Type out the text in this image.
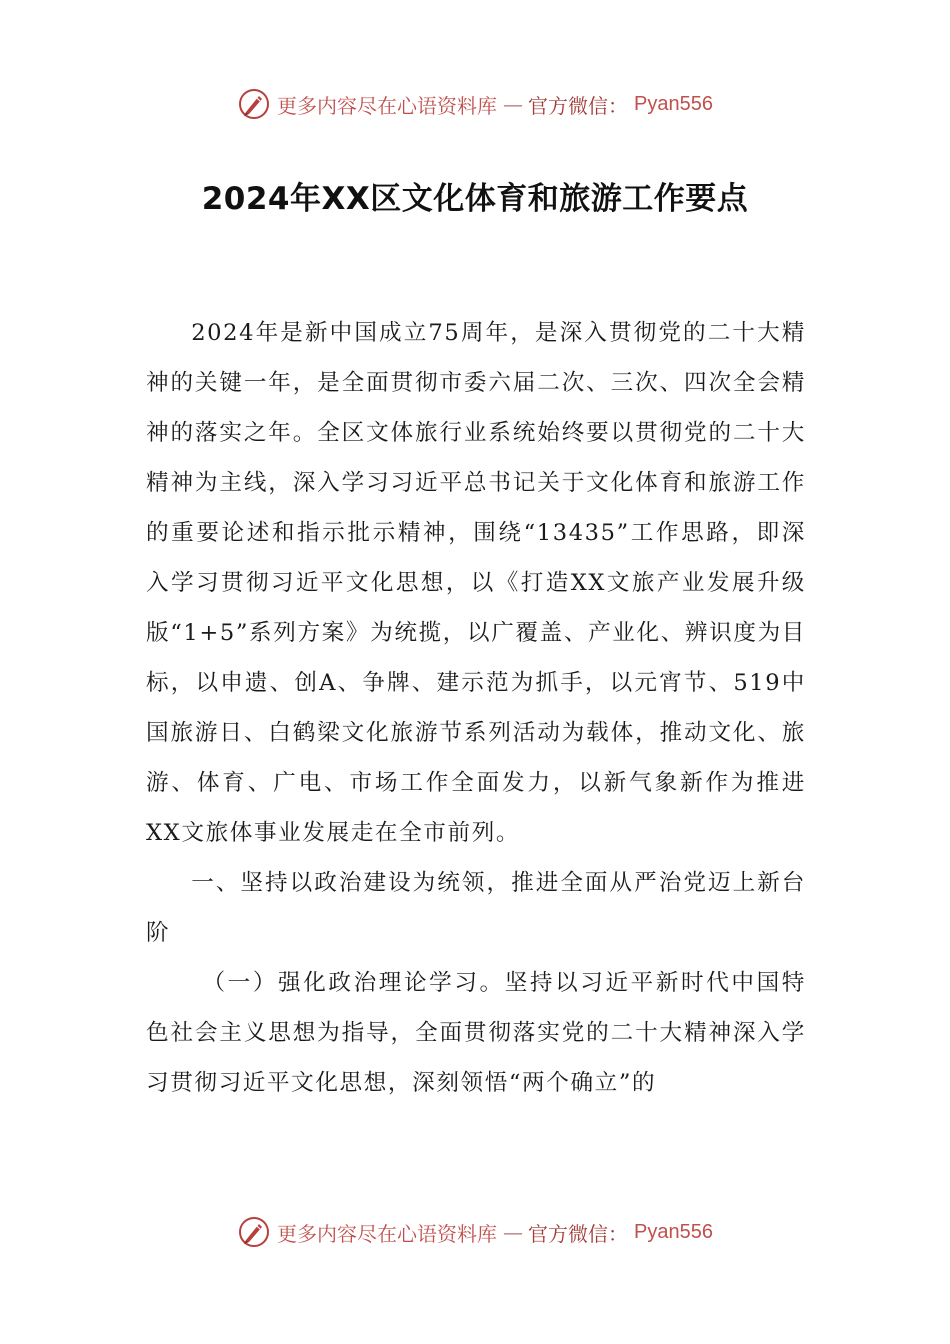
更多内容尽在心语资料库 — 官方微信： Pyan556
2024年XX区文化体育和旅游工作要点

2024年是新中国成立75周年，是深入贯彻党的二十大精神的关键一年，是全面贯彻市委六届二次、三次、四次全会精神的落实之年。全区文体旅行业系统始终要以贯彻党的二十大精神为主线，深入学习习近平总书记关于文化体育和旅游工作的重要论述和指示批示精神，围绕“13435”工作思路，即深入学习贯彻习近平文化思想，以《打造XX文旅产业发展升级版“1+5”系列方案》为统揽，以广覆盖、产业化、辨识度为目标，以申遗、创A、争牌、建示范为抓手，以元宵节、519中国旅游日、白鹤梁文化旅游节系列活动为载体，推动文化、旅游、体育、广电、市场工作全面发力，以新气象新作为推进XX文旅体事业发展走在全市前列。

一、坚持以政治建设为统领，推进全面从严治党迈上新台阶

（一）强化政治理论学习。坚持以习近平新时代中国特色社会主义思想为指导，全面贯彻落实党的二十大精神深入学习贯彻习近平文化思想，深刻领悟“两个确立”的

更多内容尽在心语资料库 — 官方微信： Pyan556
